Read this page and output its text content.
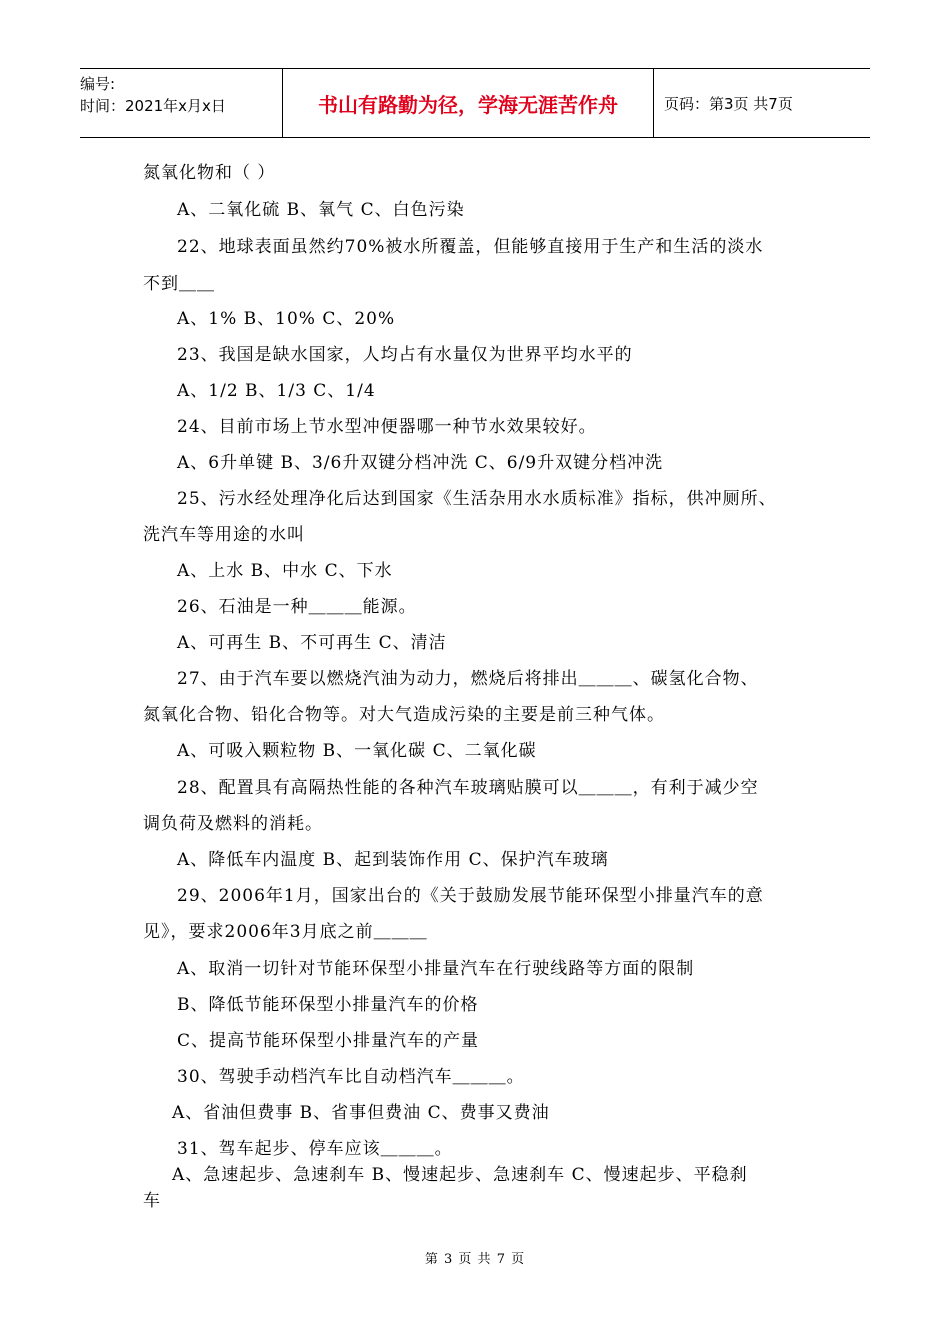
编号:
时间：2021年x月x日	书山有路勤为径，学海无涯苦作舟	页码：第3页 共7页
氮氧化物和（ ）
A、二氧化硫 B、氧气 C、白色污染
22、地球表面虽然约70%被水所覆盖，但能够直接用于生产和生活的淡水
不到＿＿
A、1% B、10% C、20%
23、我国是缺水国家，人均占有水量仅为世界平均水平的
A、1/2 B、1/3 C、1/4
24、目前市场上节水型冲便器哪一种节水效果较好。
A、6升单键 B、3/6升双键分档冲洗 C、6/9升双键分档冲洗
25、污水经处理净化后达到国家《生活杂用水水质标准》指标，供冲厕所、
洗汽车等用途的水叫
A、上水 B、中水 C、下水
26、石油是一种＿＿＿能源。
A、可再生 B、不可再生 C、清洁
27、由于汽车要以燃烧汽油为动力，燃烧后将排出＿＿＿、碳氢化合物、
氮氧化合物、铅化合物等。对大气造成污染的主要是前三种气体。
A、可吸入颗粒物 B、一氧化碳 C、二氧化碳
28、配置具有高隔热性能的各种汽车玻璃贴膜可以＿＿＿，有利于减少空
调负荷及燃料的消耗。
A、降低车内温度 B、起到装饰作用 C、保护汽车玻璃
29、2006年1月，国家出台的《关于鼓励发展节能环保型小排量汽车的意
见》，要求2006年3月底之前＿＿＿
A、取消一切针对节能环保型小排量汽车在行驶线路等方面的限制
B、降低节能环保型小排量汽车的价格
C、提高节能环保型小排量汽车的产量
30、驾驶手动档汽车比自动档汽车＿＿＿。
A、省油但费事 B、省事但费油 C、费事又费油
31、驾车起步、停车应该＿＿＿。
A、急速起步、急速刹车 B、慢速起步、急速刹车 C、慢速起步、平稳刹
车
第 3 页 共 7 页
